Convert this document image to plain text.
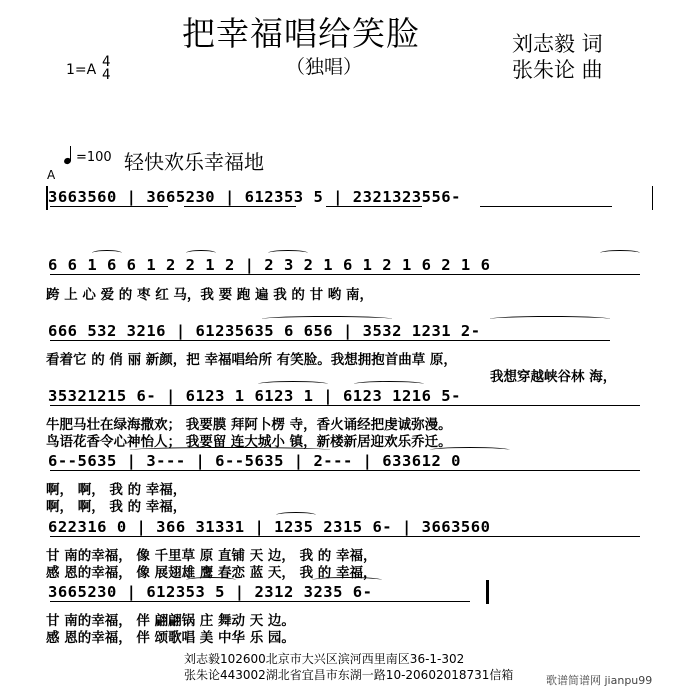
把幸福唱给笑脸
（独唱）
刘志毅 词
张朱论 曲
1=A 4
4
=100 轻快欢乐幸福地
A
3663560 | 3665230 | 612353 5 | 2321323556-
6 6 1 6 6 1 2 2 1 2 | 2 3 2 1 6 1 2 1 6 2 1 6
跨 上 心 爱 的 枣 红 马，我 要 跑 遍 我 的 甘 哟 南，
666 532 3216 | 61235635 6 656 | 3532 1231 2-
看着它 的 俏 丽 新颜，把 幸福唱给所 有笑脸。我想拥抱首曲草 原，
我想穿越峡谷林 海，
35321215 6- | 6123 1 6123 1 | 6123 1216 5-
牛肥马壮在绿海撒欢； 我要膜 拜阿卜楞 寺，香火诵经把虔诚弥漫。
鸟语花香令心神怡人； 我要留 连大城小 镇，新楼新居迎欢乐乔迁。
6--5635 | 3--- | 6--5635 | 2--- | 633612 0
啊， 啊， 我 的 幸福，
啊， 啊， 我 的 幸福，
622316 0 | 366 31331 | 1235 2315 6- | 3663560
甘 南的幸福， 像 千里草 原 直铺 天 边， 我 的 幸福，
感 恩的幸福， 像 展翅雄 鹰 春恋 蓝 天， 我 的 幸福，
3665230 | 612353 5 | 2312 3235 6-
甘 南的幸福， 伴 翩翩锅 庄 舞动 天 边。
感 恩的幸福， 伴 颂歌唱 美 中华 乐 园。
刘志毅102600北京市大兴区滨河西里南区36-1-302
张朱论443002湖北省宜昌市东湖一路10-20602018731信箱	歌谱简谱网 jianpu99
